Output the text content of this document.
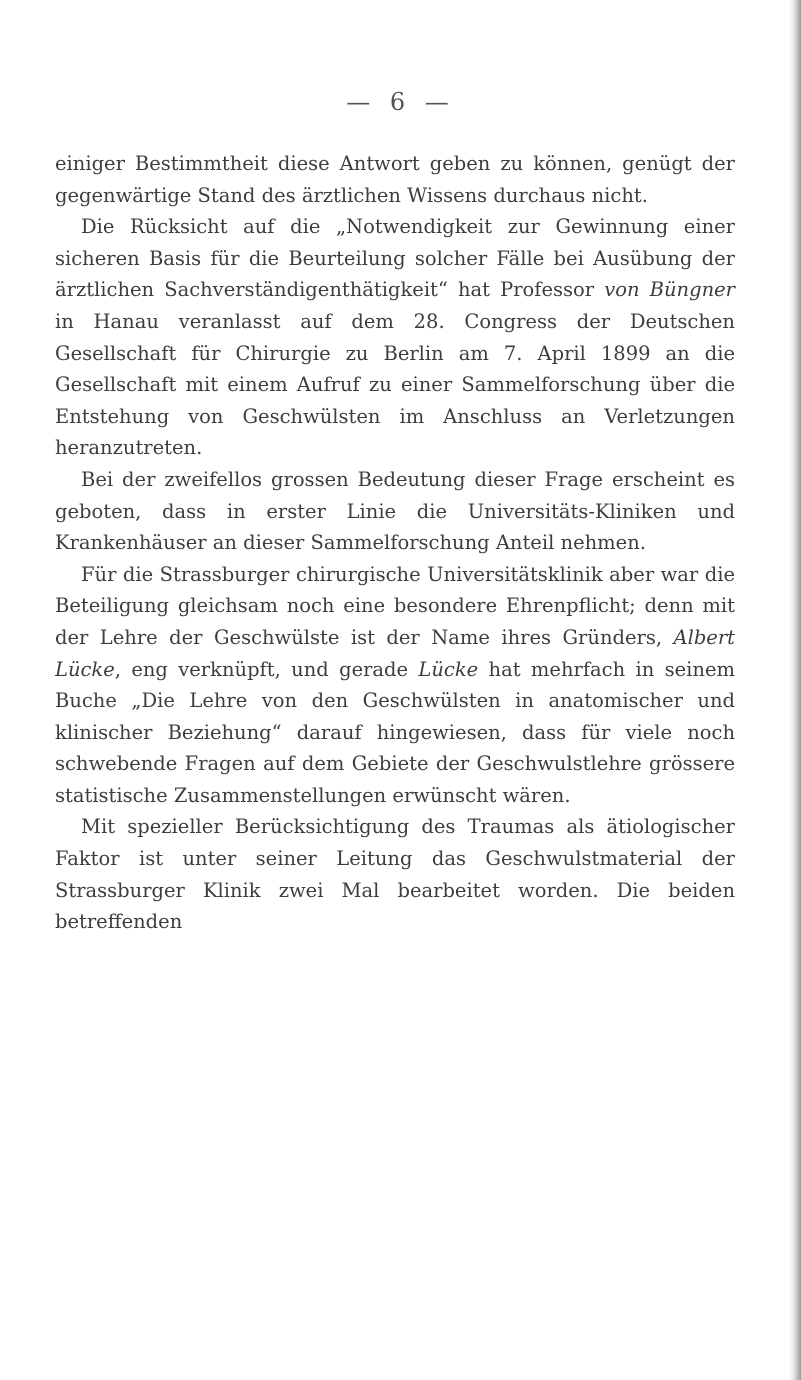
— 6 —

einiger Bestimmtheit diese Antwort geben zu können, genügt der gegenwärtige Stand des ärztlichen Wissens durchaus nicht.

Die Rücksicht auf die „Notwendigkeit zur Gewinnung einer sicheren Basis für die Beurteilung solcher Fälle bei Ausübung der ärztlichen Sachverständigenthätigkeit“ hat Professor von Büngner in Hanau veranlasst auf dem 28. Congress der Deutschen Gesellschaft für Chirurgie zu Berlin am 7. April 1899 an die Gesellschaft mit einem Aufruf zu einer Sammelforschung über die Entstehung von Geschwülsten im Anschluss an Verletzungen heranzutreten.

Bei der zweifellos grossen Bedeutung dieser Frage erscheint es geboten, dass in erster Linie die Universitäts-Kliniken und Krankenhäuser an dieser Sammelforschung Anteil nehmen.

Für die Strassburger chirurgische Universitätsklinik aber war die Beteiligung gleichsam noch eine besondere Ehrenpflicht; denn mit der Lehre der Geschwülste ist der Name ihres Gründers, Albert Lücke, eng verknüpft, und gerade Lücke hat mehrfach in seinem Buche „Die Lehre von den Geschwülsten in anatomischer und klinischer Beziehung“ darauf hingewiesen, dass für viele noch schwebende Fragen auf dem Gebiete der Geschwulstlehre grössere statistische Zusammenstellungen erwünscht wären.

Mit spezieller Berücksichtigung des Traumas als ätiologischer Faktor ist unter seiner Leitung das Geschwulstmaterial der Strassburger Klinik zwei Mal bearbeitet worden. Die beiden betreffenden
